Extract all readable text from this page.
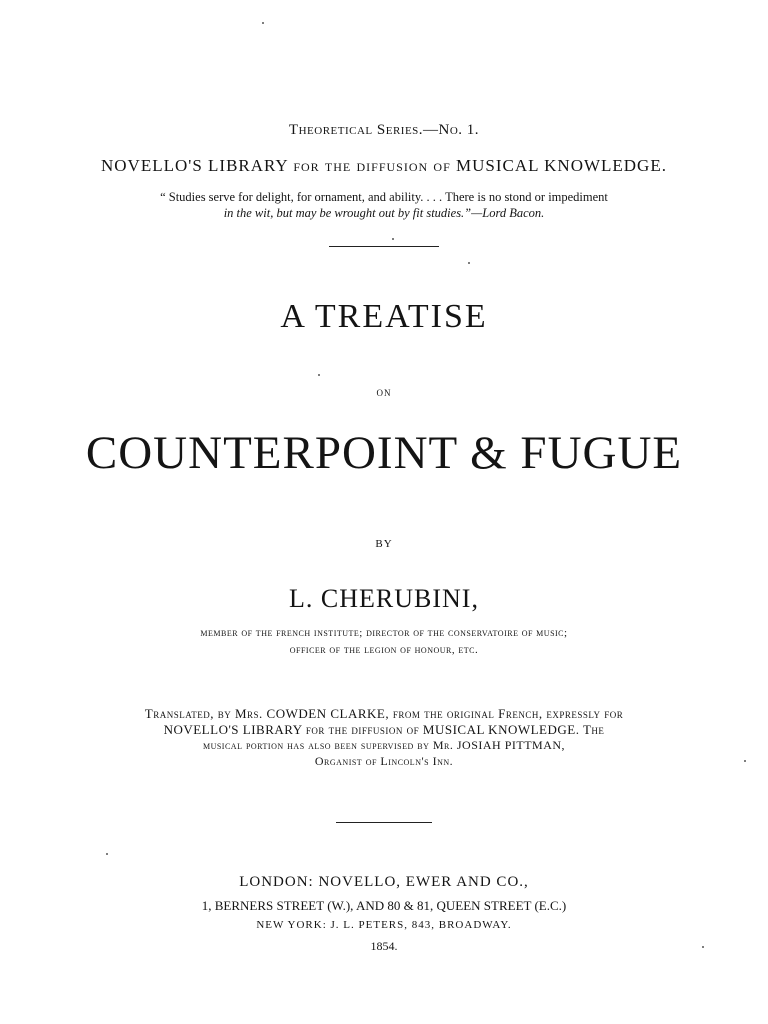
Theoretical Series.—No. 1.
NOVELLO'S LIBRARY for the diffusion of MUSICAL KNOWLEDGE.
“ Studies serve for delight, for ornament, and ability. . . . There is no stond or impediment
in the wit, but may be wrought out by fit studies.”—Lord Bacon.
A TREATISE
ON
COUNTERPOINT & FUGUE
BY
L. CHERUBINI,
member of the french institute; director of the conservatoire of music;
officer of the legion of honour, etc.
Translated, by Mrs. COWDEN CLARKE, from the original French, expressly for
NOVELLO'S LIBRARY for the diffusion of MUSICAL KNOWLEDGE. The
musical portion has also been supervised by Mr. JOSIAH PITTMAN,
Organist of Lincoln's Inn.
LONDON: NOVELLO, EWER AND CO.,
1, BERNERS STREET (W.), AND 80 & 81, QUEEN STREET (E.C.)
NEW YORK: J. L. PETERS, 843, BROADWAY.
1854.
